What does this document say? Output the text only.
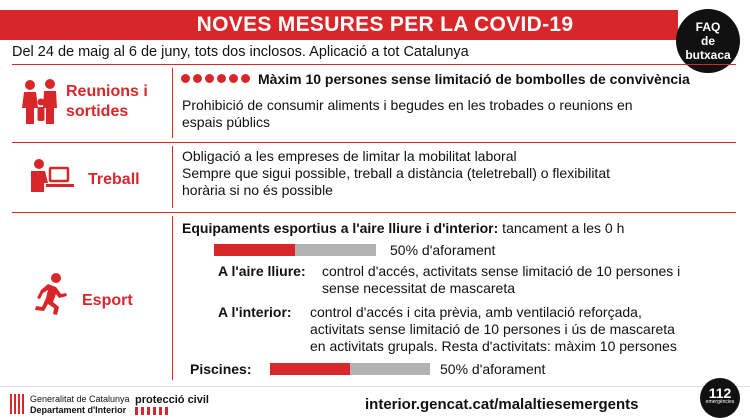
NOVES MESURES PER LA COVID-19	FAQ
de
butxaca
Del 24 de maig al 6 de juny, tots dos inclosos. Aplicació a tot Catalunya
Reunions i
sortides
Màxim 10 persones sense limitació de bombolles de convivència
Prohibició de consumir aliments i begudes en les trobades o reunions en
espais públics
Treball
Obligació a les empreses de limitar la mobilitat laboral
Sempre que sigui possible, treball a distància (teletreball) o flexibilitat
horària si no és possible
Esport
Equipaments esportius a l'aire lliure i d'interior: tancament a les 0 h
50% d'aforament
A l'aire lliure: control d'accés, activitats sense limitació de 10 persones i
sense necessitat de mascareta
A l'interior: control d'accés i cita prèvia, amb ventilació reforçada,
activitats sense limitació de 10 persones i ús de mascareta
en activitats grupals. Resta d'activitats: màxim 10 persones
Piscines:	50% d'aforament
Generalitat de Catalunya
Departament d'Interior
protecció civil	interior.gencat.cat/malaltiesemergents
112
emergències
